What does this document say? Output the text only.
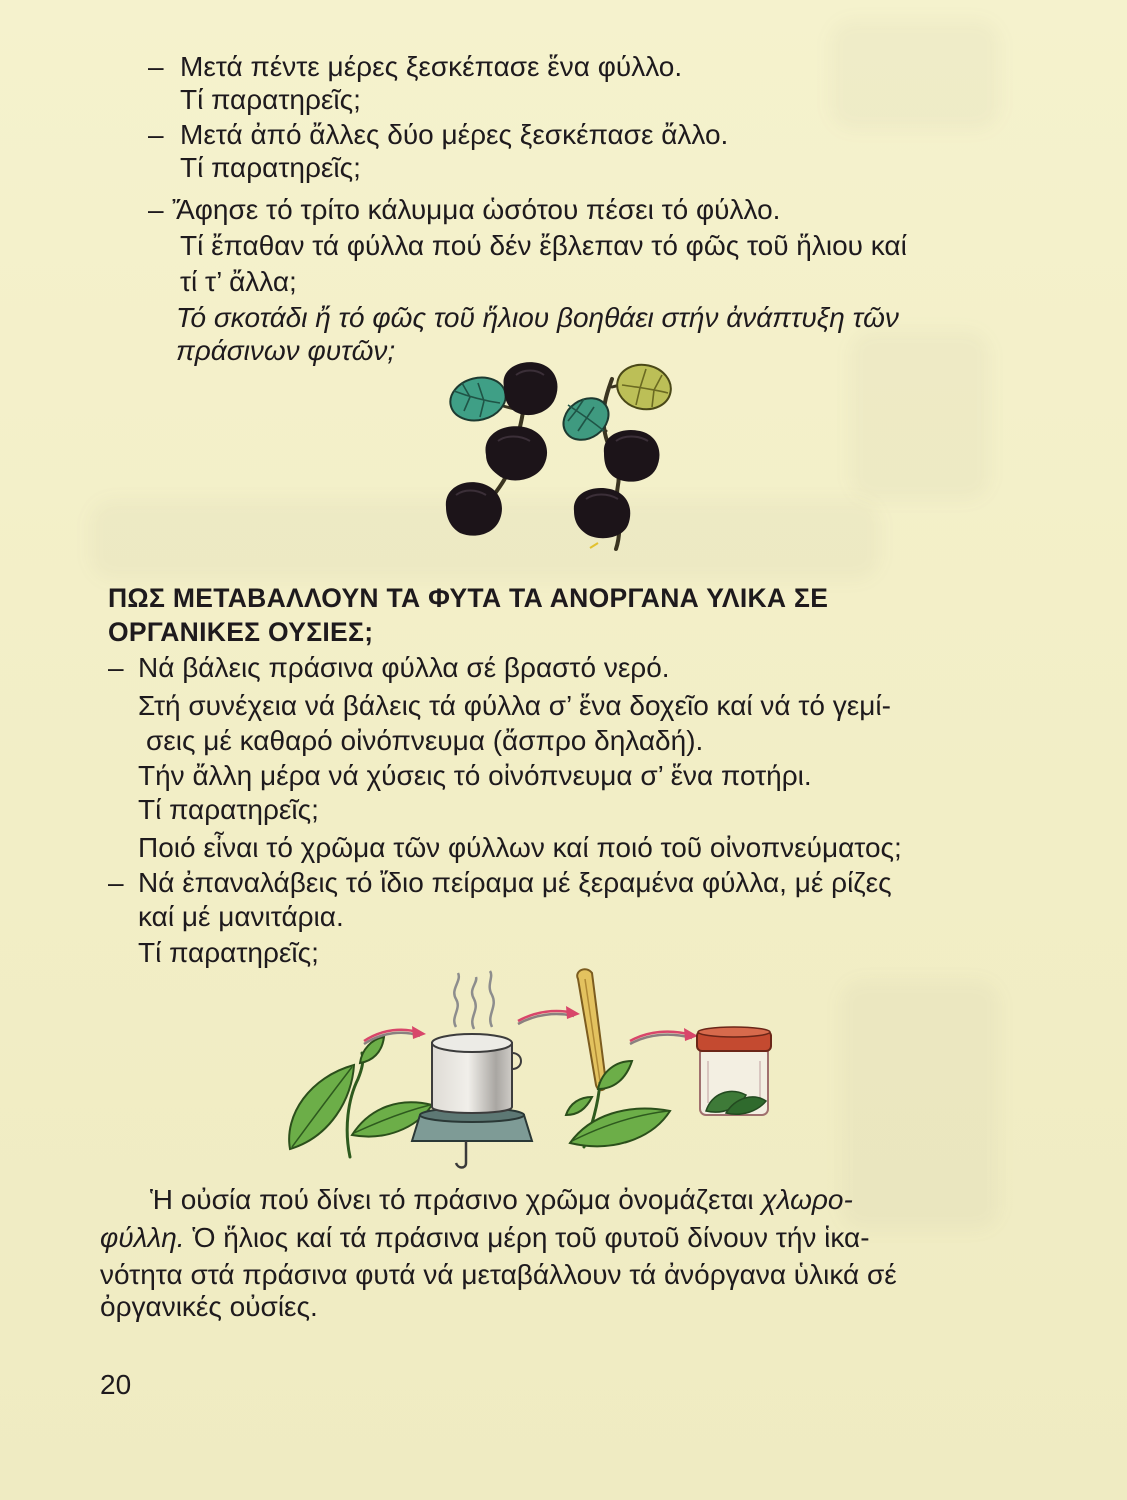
– Μετά πέντε μέρες ξεσκέπασε ἕνα φύλλο.
Τί παρατηρεῖς;
– Μετά ἀπό ἄλλες δύο μέρες ξεσκέπασε ἄλλο.
Τί παρατηρεῖς;
– Ἄφησε τό τρίτο κάλυμμα ὡσότου πέσει τό φύλλο.
Τί ἔπαθαν τά φύλλα πού δέν ἔβλεπαν τό φῶς τοῦ ἥλιου καί
τί τ’ ἄλλα;
Τό σκοτάδι ἤ τό φῶς τοῦ ἥλιου βοηθάει στήν ἀνάπτυξη τῶν
πράσινων φυτῶν;
ΠΩΣ ΜΕΤΑΒΑΛΛΟΥΝ ΤΑ ΦΥΤΑ ΤΑ ΑΝΟΡΓΑΝΑ ΥΛΙΚΑ ΣΕ
ΟΡΓΑΝΙΚΕΣ ΟΥΣΙΕΣ;
– Νά βάλεις πράσινα φύλλα σέ βραστό νερό.
Στή συνέχεια νά βάλεις τά φύλλα σ’ ἕνα δοχεῖο καί νά τό γεμί-
σεις μέ καθαρό οἰνόπνευμα (ἄσπρο δηλαδή).
Τήν ἄλλη μέρα νά χύσεις τό οἰνόπνευμα σ’ ἕνα ποτήρι.
Τί παρατηρεῖς;
Ποιό εἶναι τό χρῶμα τῶν φύλλων καί ποιό τοῦ οἰνοπνεύματος;
– Νά ἐπαναλάβεις τό ἴδιο πείραμα μέ ξεραμένα φύλλα, μέ ρίζες
καί μέ μανιτάρια.
Τί παρατηρεῖς;
Ἡ οὐσία πού δίνει τό πράσινο χρῶμα ὀνομάζεται χλωρο-
φύλλη. Ὁ ἥλιος καί τά πράσινα μέρη τοῦ φυτοῦ δίνουν τήν ἱκα-
νότητα στά πράσινα φυτά νά μεταβάλλουν τά ἀνόργανα ὑλικά σέ
ὀργανικές οὐσίες.
20
